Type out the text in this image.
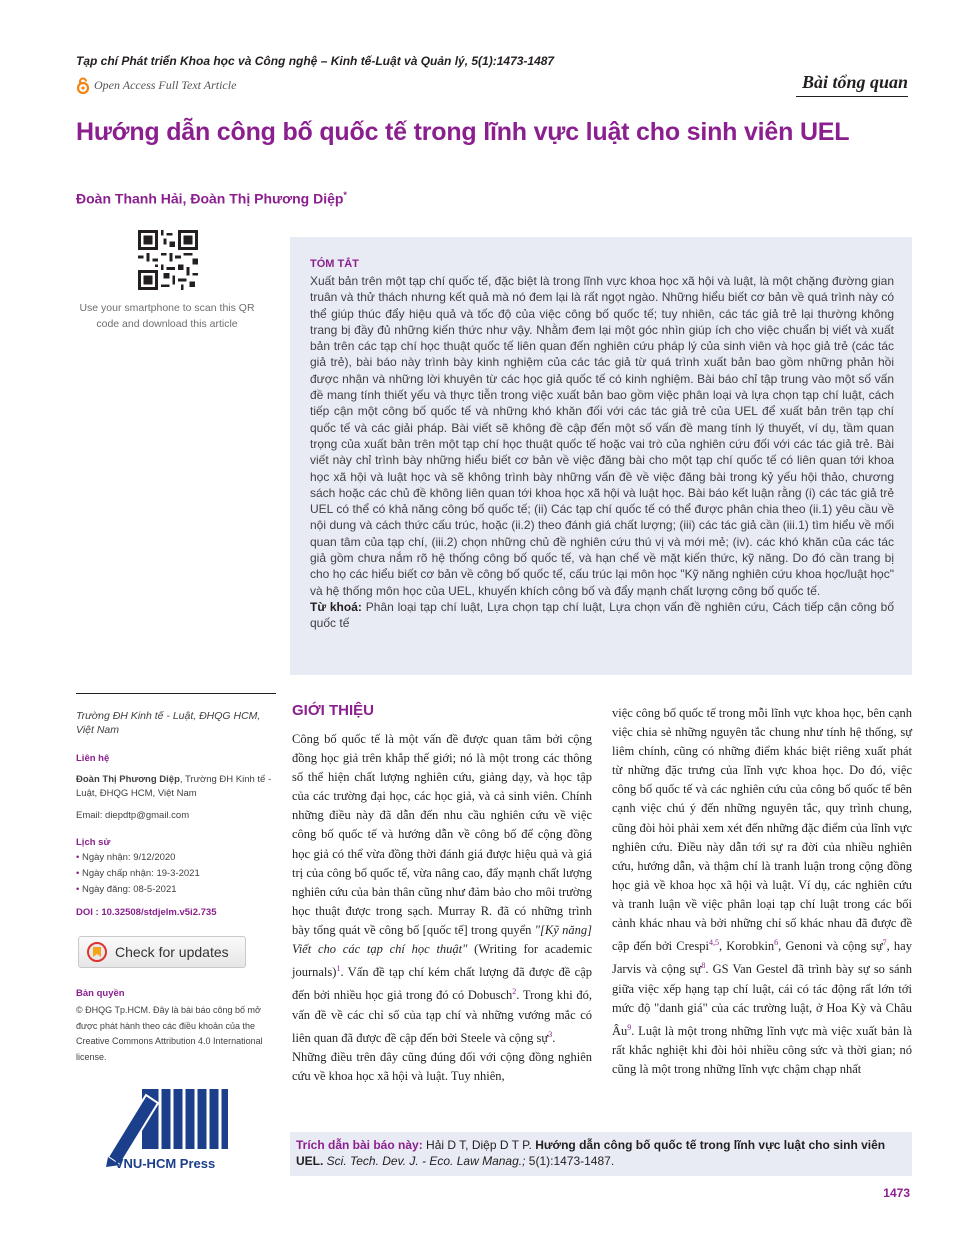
Tạp chí Phát triển Khoa học và Công nghệ – Kinh tế-Luật và Quản lý, 5(1):1473-1487
Open Access Full Text Article	Bài tổng quan
Hướng dẫn công bố quốc tế trong lĩnh vực luật cho sinh viên UEL
Đoàn Thanh Hải, Đoàn Thị Phương Diệp*
Use your smartphone to scan this QR code and download this article
TÓM TẮT
Xuất bản trên một tạp chí quốc tế, đặc biệt là trong lĩnh vực khoa học xã hội và luật, là một chặng đường gian truân và thử thách nhưng kết quả mà nó đem lại là rất ngọt ngào. Những hiểu biết cơ bản về quá trình này có thể giúp thúc đẩy hiệu quả và tốc độ của việc công bố quốc tế; tuy nhiên, các tác giả trẻ lại thường không trang bị đầy đủ những kiến thức như vậy. Nhằm đem lại một góc nhìn giúp ích cho việc chuẩn bị viết và xuất bản trên các tạp chí học thuật quốc tế liên quan đến nghiên cứu pháp lý của sinh viên và học giả trẻ (các tác giả trẻ), bài báo này trình bày kinh nghiệm của các tác giả từ quá trình xuất bản bao gồm những phản hồi được nhận và những lời khuyên từ các học giả quốc tế có kinh nghiệm. Bài báo chỉ tập trung vào một số vấn đề mang tính thiết yếu và thực tiễn trong việc xuất bản bao gồm việc phân loại và lựa chọn tạp chí luật, cách tiếp cận một công bố quốc tế và những khó khăn đối với các tác giả trẻ của UEL để xuất bản trên tạp chí quốc tế và các giải pháp. Bài viết sẽ không đề cập đến một số vấn đề mang tính lý thuyết, ví dụ, tầm quan trọng của xuất bản trên một tạp chí học thuật quốc tế hoặc vai trò của nghiên cứu đối với các tác giả trẻ. Bài viết này chỉ trình bày những hiểu biết cơ bản về việc đăng bài cho một tạp chí quốc tế có liên quan tới khoa học xã hội và luật học và sẽ không trình bày những vấn đề về việc đăng bài trong kỷ yếu hội thảo, chương sách hoặc các chủ đề không liên quan tới khoa học xã hội và luật học. Bài báo kết luận rằng (i) các tác giả trẻ UEL có thể có khả năng công bố quốc tế; (ii) Các tạp chí quốc tế có thể được phân chia theo (ii.1) yêu cầu về nội dung và cách thức cấu trúc, hoặc (ii.2) theo đánh giá chất lượng; (iii) các tác giả cần (iii.1) tìm hiểu về mối quan tâm của tạp chí, (iii.2) chọn những chủ đề nghiên cứu thú vị và mới mẻ; (iv). các khó khăn của các tác giả gồm chưa nắm rõ hệ thống công bố quốc tế, và hạn chế về mặt kiến thức, kỹ năng. Do đó cần trang bị cho họ các hiểu biết cơ bản về công bố quốc tế, cấu trúc lại môn học "Kỹ năng nghiên cứu khoa học/luật học" và hệ thống môn học của UEL, khuyến khích công bố và đẩy mạnh chất lượng công bố quốc tế.
Từ khoá: Phân loại tạp chí luật, Lựa chọn tạp chí luật, Lựa chọn vấn đề nghiên cứu, Cách tiếp cận công bố quốc tế
Trường ĐH Kinh tế - Luật, ĐHQG HCM, Việt Nam
Liên hệ
Đoàn Thị Phương Diệp, Trường ĐH Kinh tế - Luật, ĐHQG HCM, Việt Nam
Email: diepdtp@gmail.com
Lịch sử
• Ngày nhận: 9/12/2020
• Ngày chấp nhận: 19-3-2021
• Ngày đăng: 08-5-2021
DOI : 10.32508/stdjelm.v5i2.735
Check for updates
Bản quyền
© ĐHQG Tp.HCM. Đây là bài báo công bố mở được phát hành theo các điều khoản của the Creative Commons Attribution 4.0 International license.
VNU-HCM Press
GIỚI THIỆU
Công bố quốc tế là một vấn đề được quan tâm bởi cộng đồng học giả trên khắp thế giới; nó là một trong các thông số thể hiện chất lượng nghiên cứu, giảng dạy, và học tập của các trường đại học, các học giả, và cả sinh viên. Chính những điều này đã dẫn đến nhu cầu nghiên cứu về việc công bố quốc tế và hướng dẫn về công bố để cộng đồng học giả có thể vừa đồng thời đánh giá được hiệu quả và giá trị của công bố quốc tế, vừa nâng cao, đẩy mạnh chất lượng nghiên cứu của bản thân cũng như đảm bảo cho môi trường học thuật được trong sạch. Murray R. đã có những trình bày tổng quát về công bố [quốc tế] trong quyển "[Kỹ năng] Viết cho các tạp chí học thuật" (Writing for academic journals)$^1$. Vấn đề tạp chí kém chất lượng đã được đề cập đến bởi nhiều học giả trong đó có Dobusch$^2$. Trong khi đó, vấn đề về các chỉ số của tạp chí và những vướng mắc có liên quan đã được đề cập đến bởi Steele và cộng sự$^3$.
Những điều trên đây cũng đúng đối với cộng đồng nghiên cứu về khoa học xã hội và luật. Tuy nhiên,
việc công bố quốc tế trong mỗi lĩnh vực khoa học, bên cạnh việc chia sẻ những nguyên tắc chung như tính hệ thống, sự liêm chính, cũng có những điểm khác biệt riêng xuất phát từ những đặc trưng của lĩnh vực khoa học. Do đó, việc công bố quốc tế và các nghiên cứu của công bố quốc tế bên cạnh việc chú ý đến những nguyên tắc, quy trình chung, cũng đòi hỏi phải xem xét đến những đặc điểm của lĩnh vực nghiên cứu. Điều này dẫn tới sự ra đời của nhiều nghiên cứu, hướng dẫn, và thậm chí là tranh luận trong cộng đồng học giả về khoa học xã hội và luật. Ví dụ, các nghiên cứu và tranh luận về việc phân loại tạp chí luật trong các bối cảnh khác nhau và bởi những chỉ số khác nhau đã được đề cập đến bởi Crespi$^{4,5}$, Korobkin$^6$, Genoni và cộng sự$^7$, hay Jarvis và cộng sự$^8$. GS Van Gestel đã trình bày sự so sánh giữa việc xếp hạng tạp chí luật, cái có tác động rất lớn tới mức độ "danh giá" của các trường luật, ở Hoa Kỳ và Châu $Âu^9$. Luật là một trong những lĩnh vực mà việc xuất bản là rất khắc nghiệt khi đòi hỏi nhiều công sức và thời gian; nó cũng là một trong những lĩnh vực chậm chạp nhất
Trích dẫn bài báo này: Hải D T, Diệp D T P. Hướng dẫn công bố quốc tế trong lĩnh vực luật cho sinh viên UEL. Sci. Tech. Dev. J. - Eco. Law Manag.; 5(1):1473-1487.
1473
